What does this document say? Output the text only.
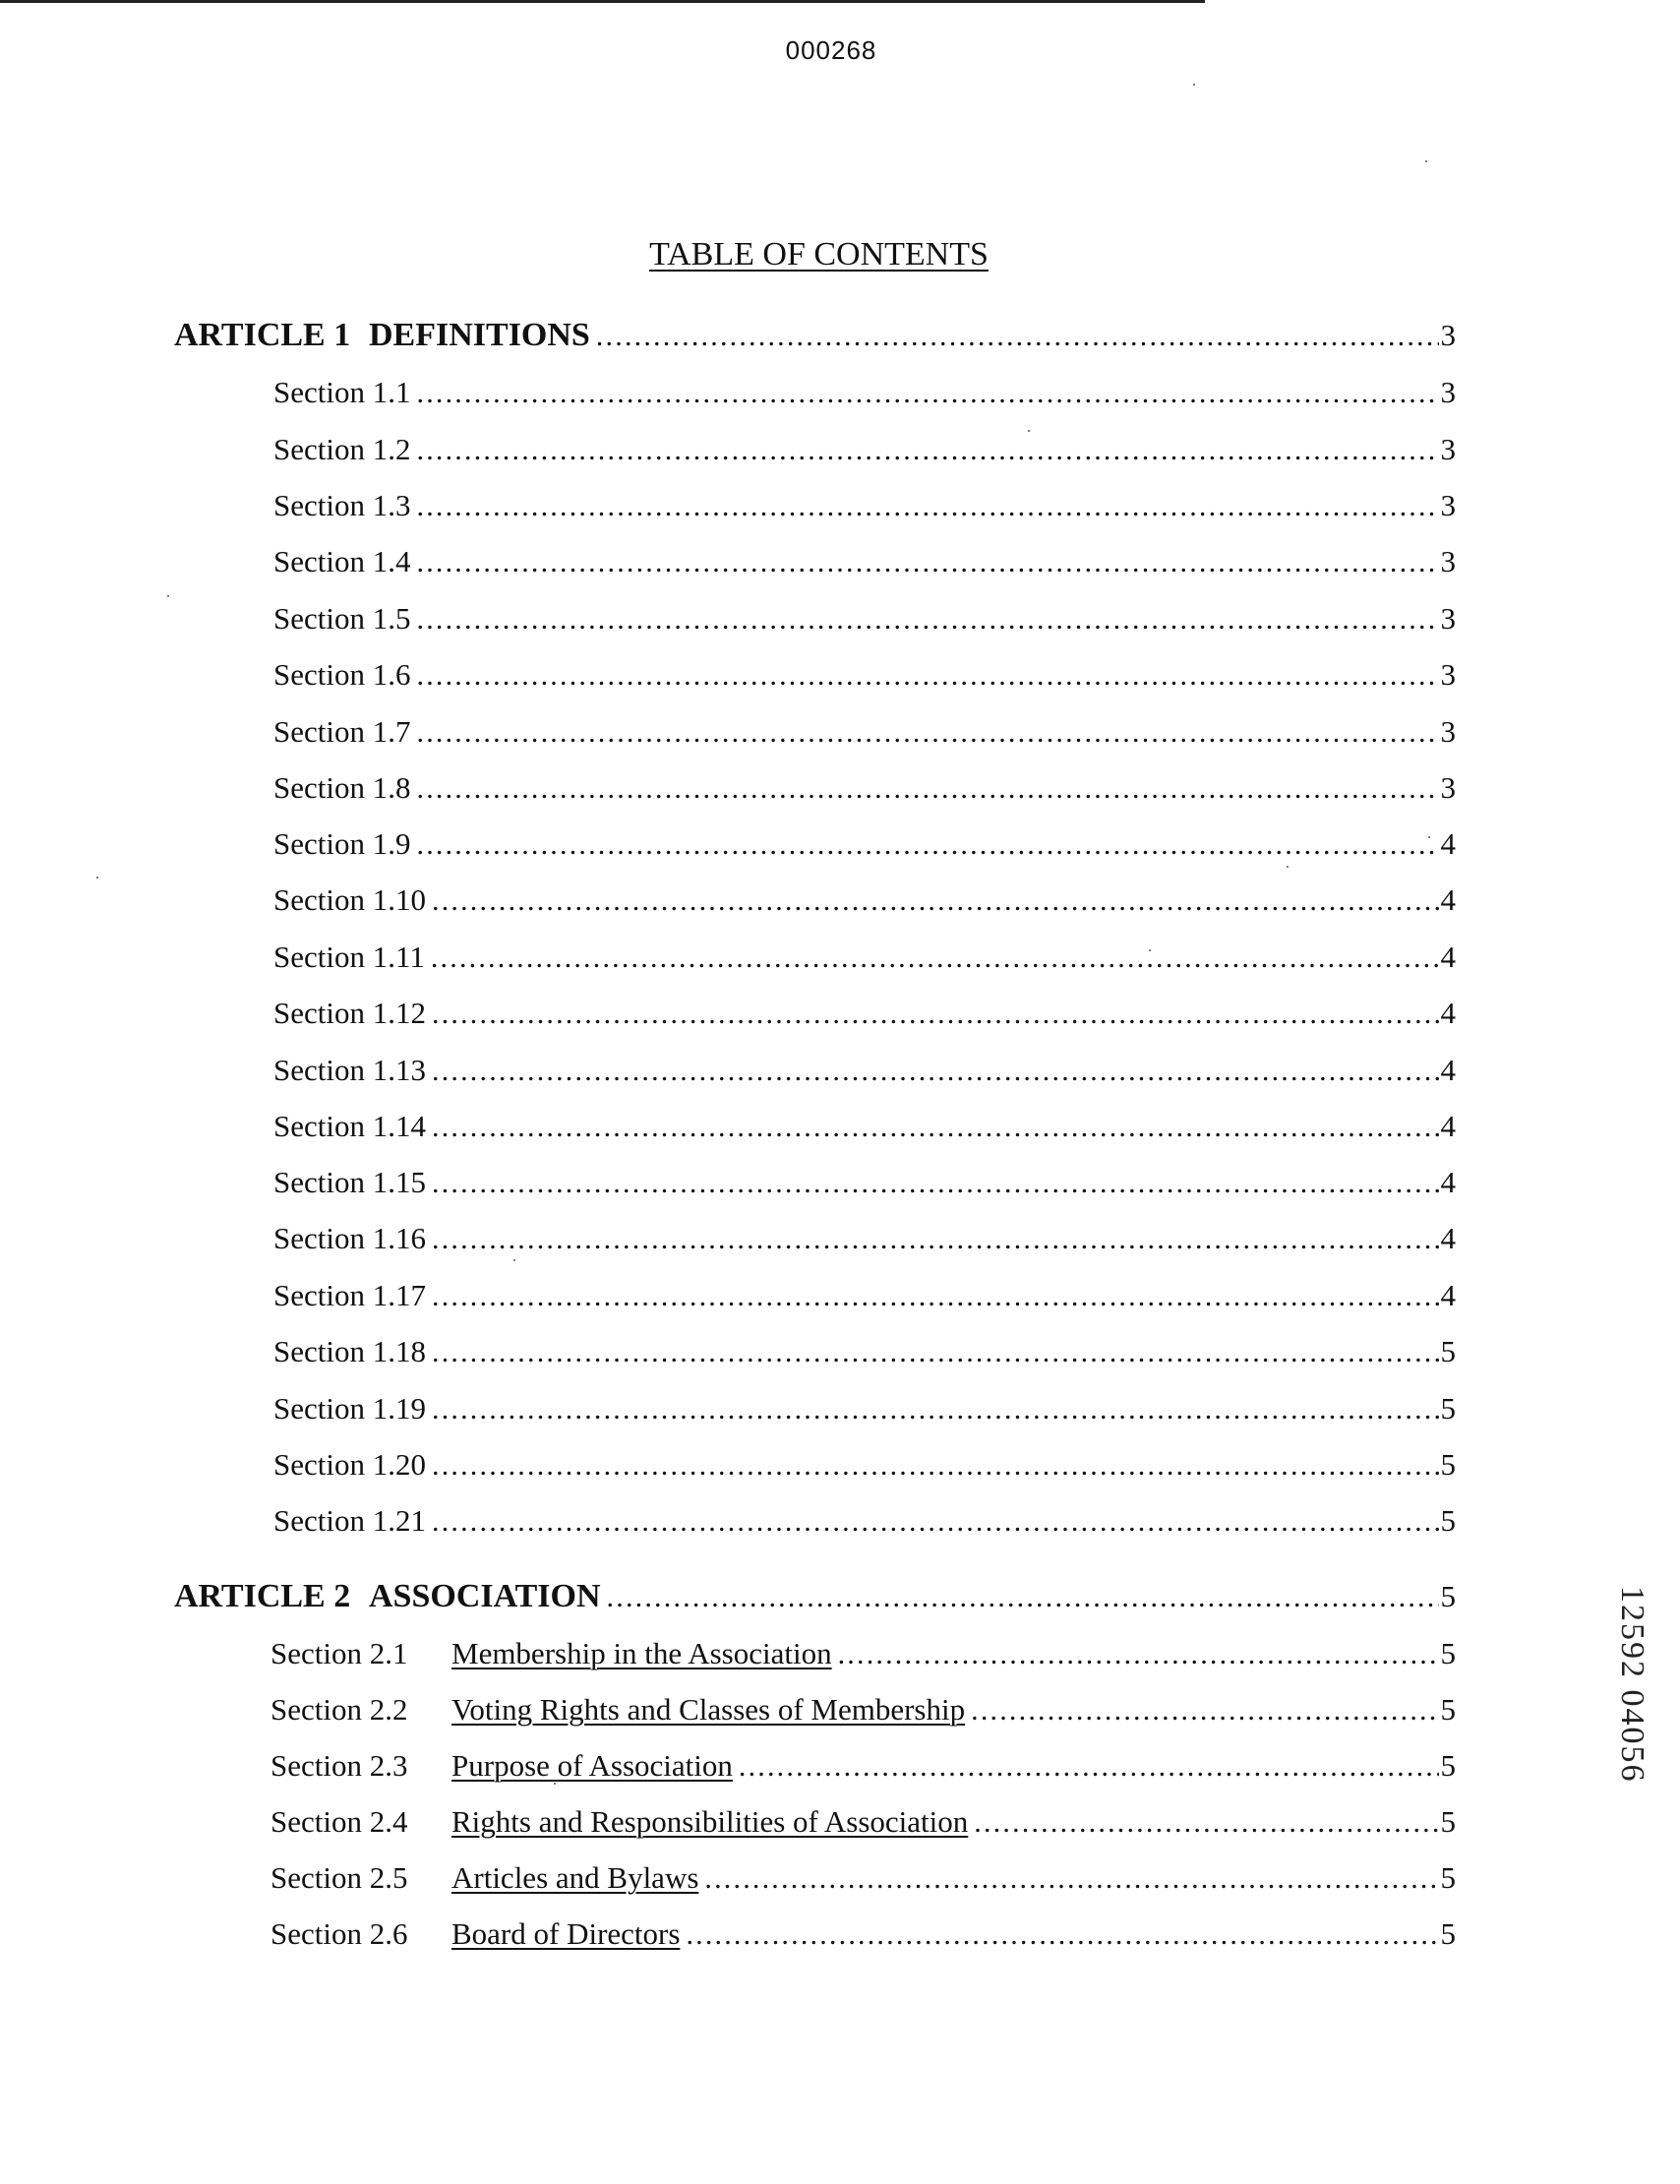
000268
TABLE OF CONTENTS
ARTICLE 1 DEFINITIONS .....	3
Section 1.1 .....	3
Section 1.2 .....	3
Section 1.3 .....	3
Section 1.4 .....	3
Section 1.5 .....	3
Section 1.6 .....	3
Section 1.7 .....	3
Section 1.8 .....	3
Section 1.9 .....	4
Section 1.10 .....	4
Section 1.11 .....	4
Section 1.12 .....	4
Section 1.13 .....	4
Section 1.14 .....	4
Section 1.15 .....	4
Section 1.16 .....	4
Section 1.17 .....	4
Section 1.18 .....	5
Section 1.19 .....	5
Section 1.20 .....	5
Section 1.21 .....	5
ARTICLE 2 ASSOCIATION .....	5
Section 2.1	Membership in the Association .....	5
Section 2.2	Voting Rights and Classes of Membership .....	5
Section 2.3	Purpose of Association .....	5
Section 2.4	Rights and Responsibilities of Association .....	5
Section 2.5	Articles and Bylaws .....	5
Section 2.6	Board of Directors .....	5
12592 04056
